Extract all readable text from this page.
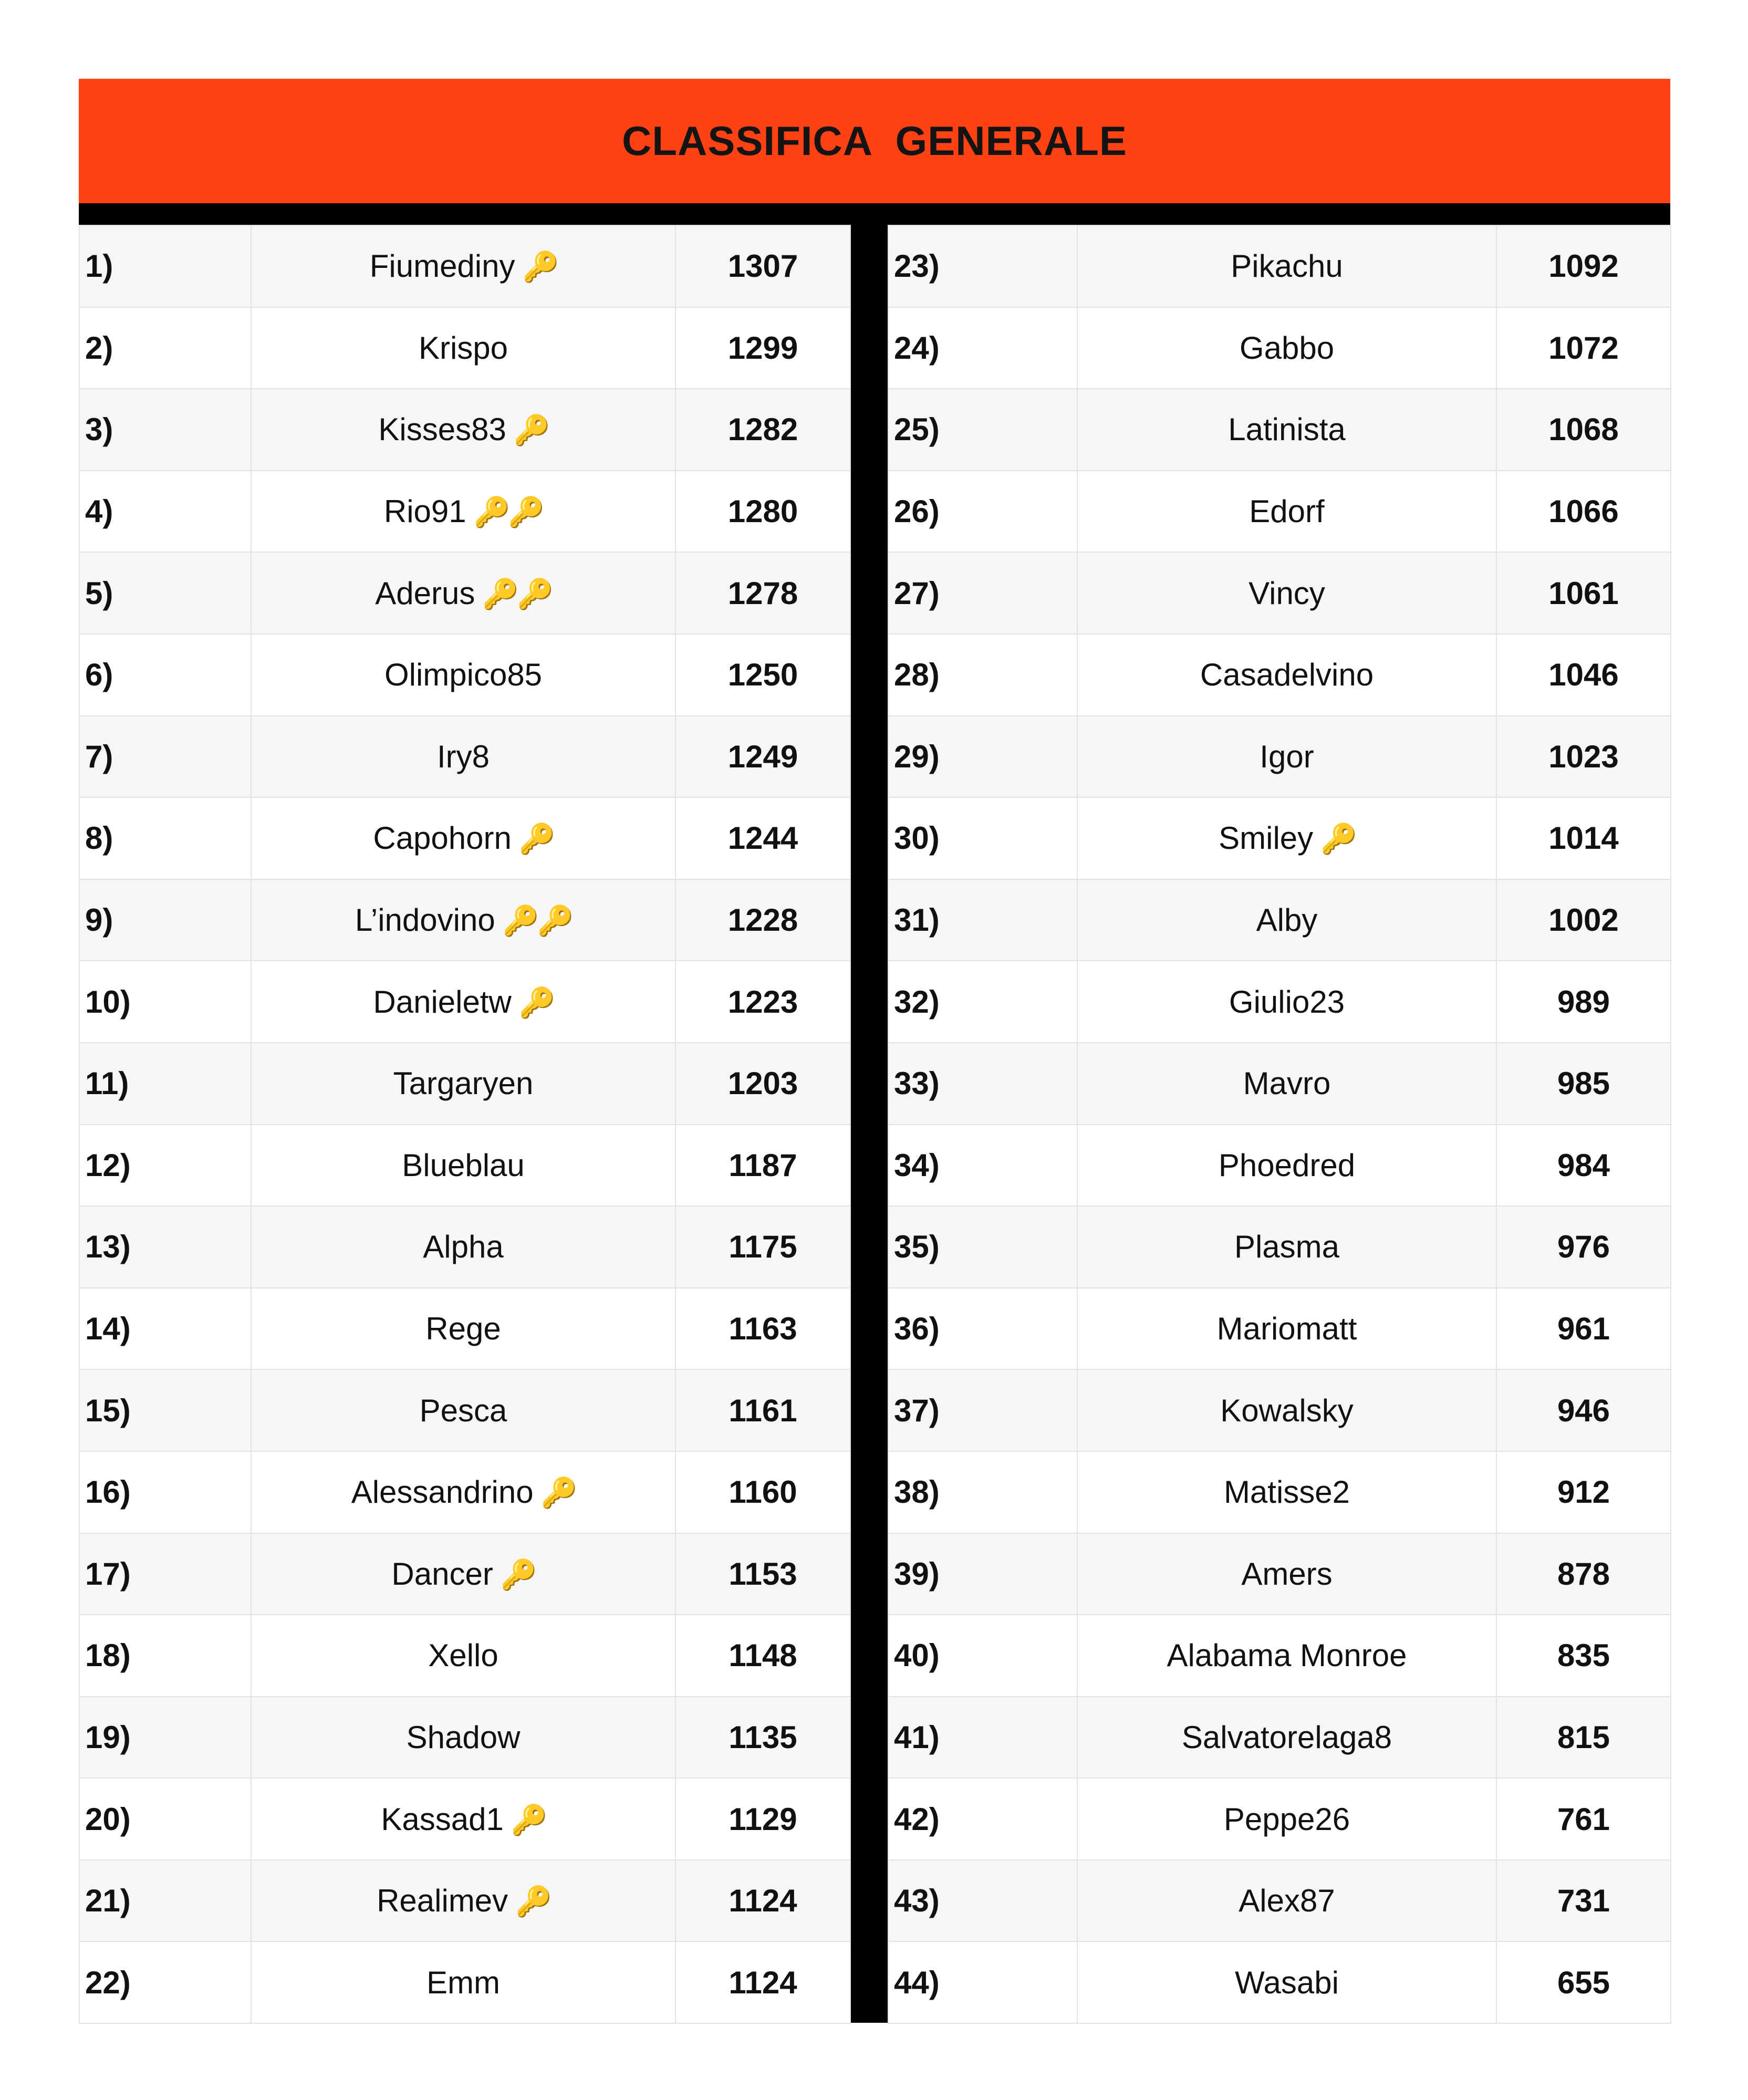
CLASSIFICA  GENERALE
1)	Fiumediny 🔑	1307
2)	Krispo	1299
3)	Kisses83 🔑	1282
4)	Rio91 🔑🔑	1280
5)	Aderus 🔑🔑	1278
6)	Olimpico85	1250
7)	Iry8	1249
8)	Capohorn 🔑	1244
9)	L’indovino 🔑🔑	1228
10)	Danieletw 🔑	1223
11)	Targaryen	1203
12)	Blueblau	1187
13)	Alpha	1175
14)	Rege	1163
15)	Pesca	1161
16)	Alessandrino 🔑	1160
17)	Dancer 🔑	1153
18)	Xello	1148
19)	Shadow	1135
20)	Kassad1 🔑	1129
21)	Realimev 🔑	1124
22)	Emm	1124
23)	Pikachu	1092
24)	Gabbo	1072
25)	Latinista	1068
26)	Edorf	1066
27)	Vincy	1061
28)	Casadelvino	1046
29)	Igor	1023
30)	Smiley 🔑	1014
31)	Alby	1002
32)	Giulio23	989
33)	Mavro	985
34)	Phoedred	984
35)	Plasma	976
36)	Mariomatt	961
37)	Kowalsky	946
38)	Matisse2	912
39)	Amers	878
40)	Alabama Monroe	835
41)	Salvatorelaga8	815
42)	Peppe26	761
43)	Alex87	731
44)	Wasabi	655
